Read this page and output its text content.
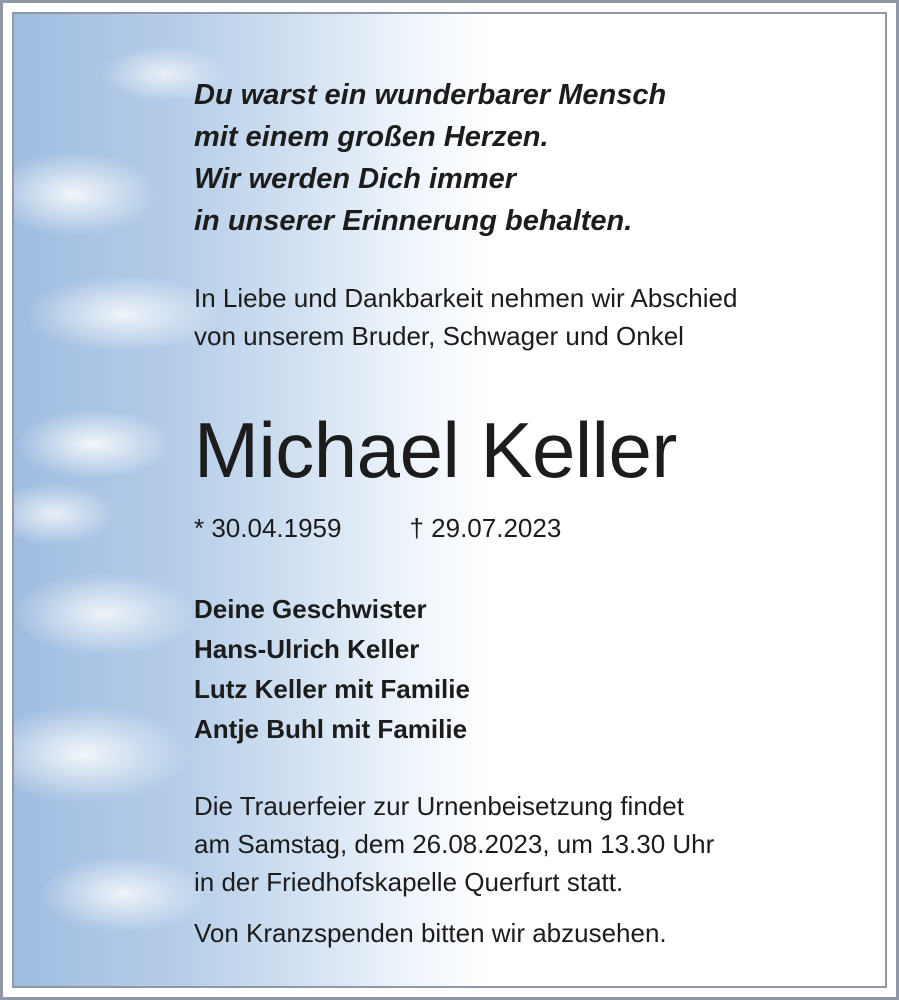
Du warst ein wunderbarer Mensch
mit einem großen Herzen.
Wir werden Dich immer
in unserer Erinnerung behalten.
In Liebe und Dankbarkeit nehmen wir Abschied
von unserem Bruder, Schwager und Onkel
Michael Keller
* 30.04.1959	† 29.07.2023
Deine Geschwister
Hans-Ulrich Keller
Lutz Keller mit Familie
Antje Buhl mit Familie
Die Trauerfeier zur Urnenbeisetzung findet
am Samstag, dem 26.08.2023, um 13.30 Uhr
in der Friedhofskapelle Querfurt statt.
Von Kranzspenden bitten wir abzusehen.
